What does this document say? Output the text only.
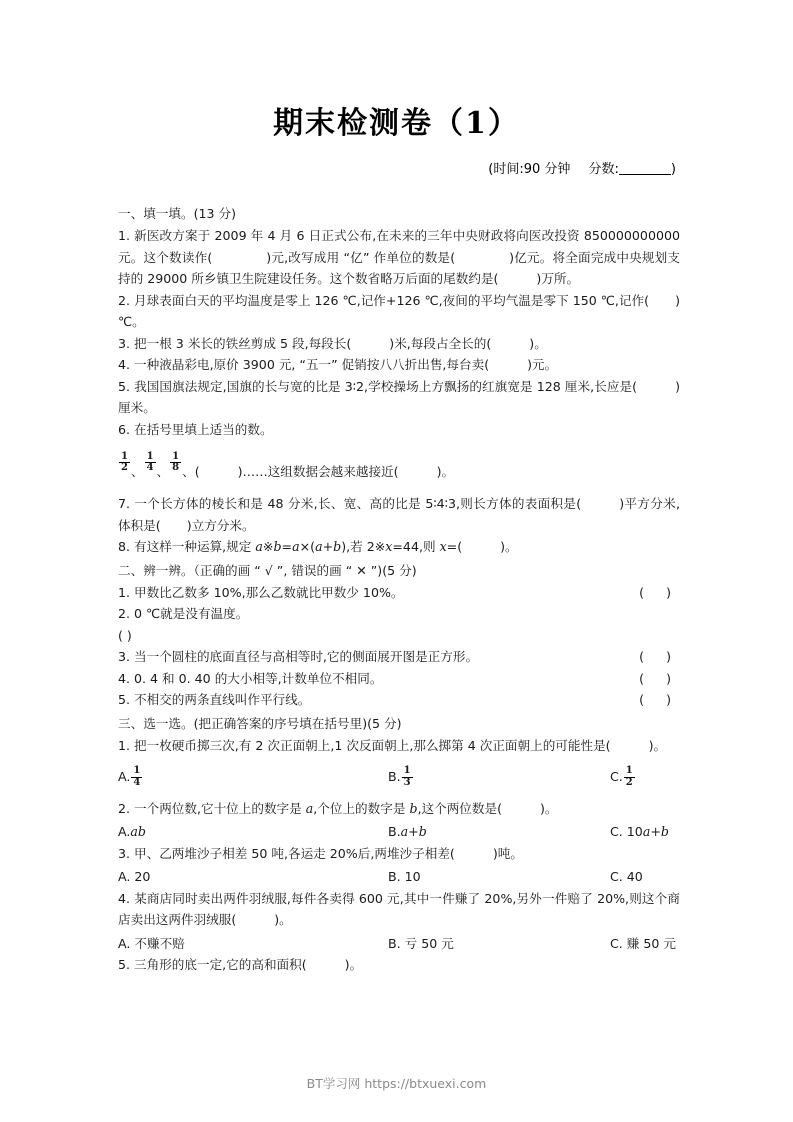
期末检测卷（1）
(时间:90 分钟 分数:	)
一、填一填。(13 分)
1. 新医改方案于 2009 年 4 月 6 日正式公布,在未来的三年中央财政将向医改投资 850000000000 元。这个数读作(	)元,改写成用 “亿” 作单位的数是(	)亿元。将全面完成中央规划支持的 29000 所乡镇卫生院建设任务。这个数省略万后面的尾数约是(	)万所。
2. 月球表面白天的平均温度是零上 126 ℃,记作+126 ℃,夜间的平均气温是零下 150 ℃,记作( )℃。
3. 把一根 3 米长的铁丝剪成 5 段,每段长(	)米,每段占全长的(	)。
4. 一种液晶彩电,原价 3900 元, “五一” 促销按八八折出售,每台卖(	)元。
5. 我国国旗法规定,国旗的长与宽的比是 3∶2,学校操场上方飘扬的红旗宽是 128 厘米,长应是(	)厘米。
6. 在括号里填上适当的数。
$\frac{1}{2}$ 、 $\frac{1}{4}$ 、 $\frac{1}{8}$ 、(	)……这组数据会越来越接近(	)。
7. 一个长方体的棱长和是 48 分米,长、宽、高的比是 5∶4∶3,则长方体的表面积是(	)平方分米,体积是( )立方分米。
8. 有这样一种运算,规定 a※b=a×(a+b),若 2※x=44,则 x=(	)。
二、辨一辨。（正确的画 “ √ ”, 错误的画 “ ✕ ”)(5 分)
1. 甲数比乙数多 10%,那么乙数就比甲数少 10%。	( )
2. 0 ℃就是没有温度。
( )
3. 当一个圆柱的底面直径与高相等时,它的侧面展开图是正方形。	( )
4. 0. 4 和 0. 40 的大小相等,计数单位不相同。	( )
5. 不相交的两条直线叫作平行线。	( )
三、选一选。(把正确答案的序号填在括号里)(5 分)
1. 把一枚硬币掷三次,有 2 次正面朝上,1 次反面朝上,那么掷第 4 次正面朝上的可能性是(	)。
A. $\frac{1}{4}$	B. $\frac{1}{3}$	C. $\frac{1}{2}$
2. 一个两位数,它十位上的数字是 a,个位上的数字是 b,这个两位数是(	)。
A. ab	B. a+b	C. 10 a+b
3. 甲、乙两堆沙子相差 50 吨,各运走 20%后,两堆沙子相差(	)吨。
A. 20	B. 10	C. 40
4. 某商店同时卖出两件羽绒服,每件各卖得 600 元,其中一件赚了 20%,另外一件赔了 20%,则这个商店卖出这两件羽绒服(	)。
A. 不赚不赔	B. 亏 50 元	C. 赚 50 元
5. 三角形的底一定,它的高和面积(	)。
BT学习网 https://btxuexi.com
